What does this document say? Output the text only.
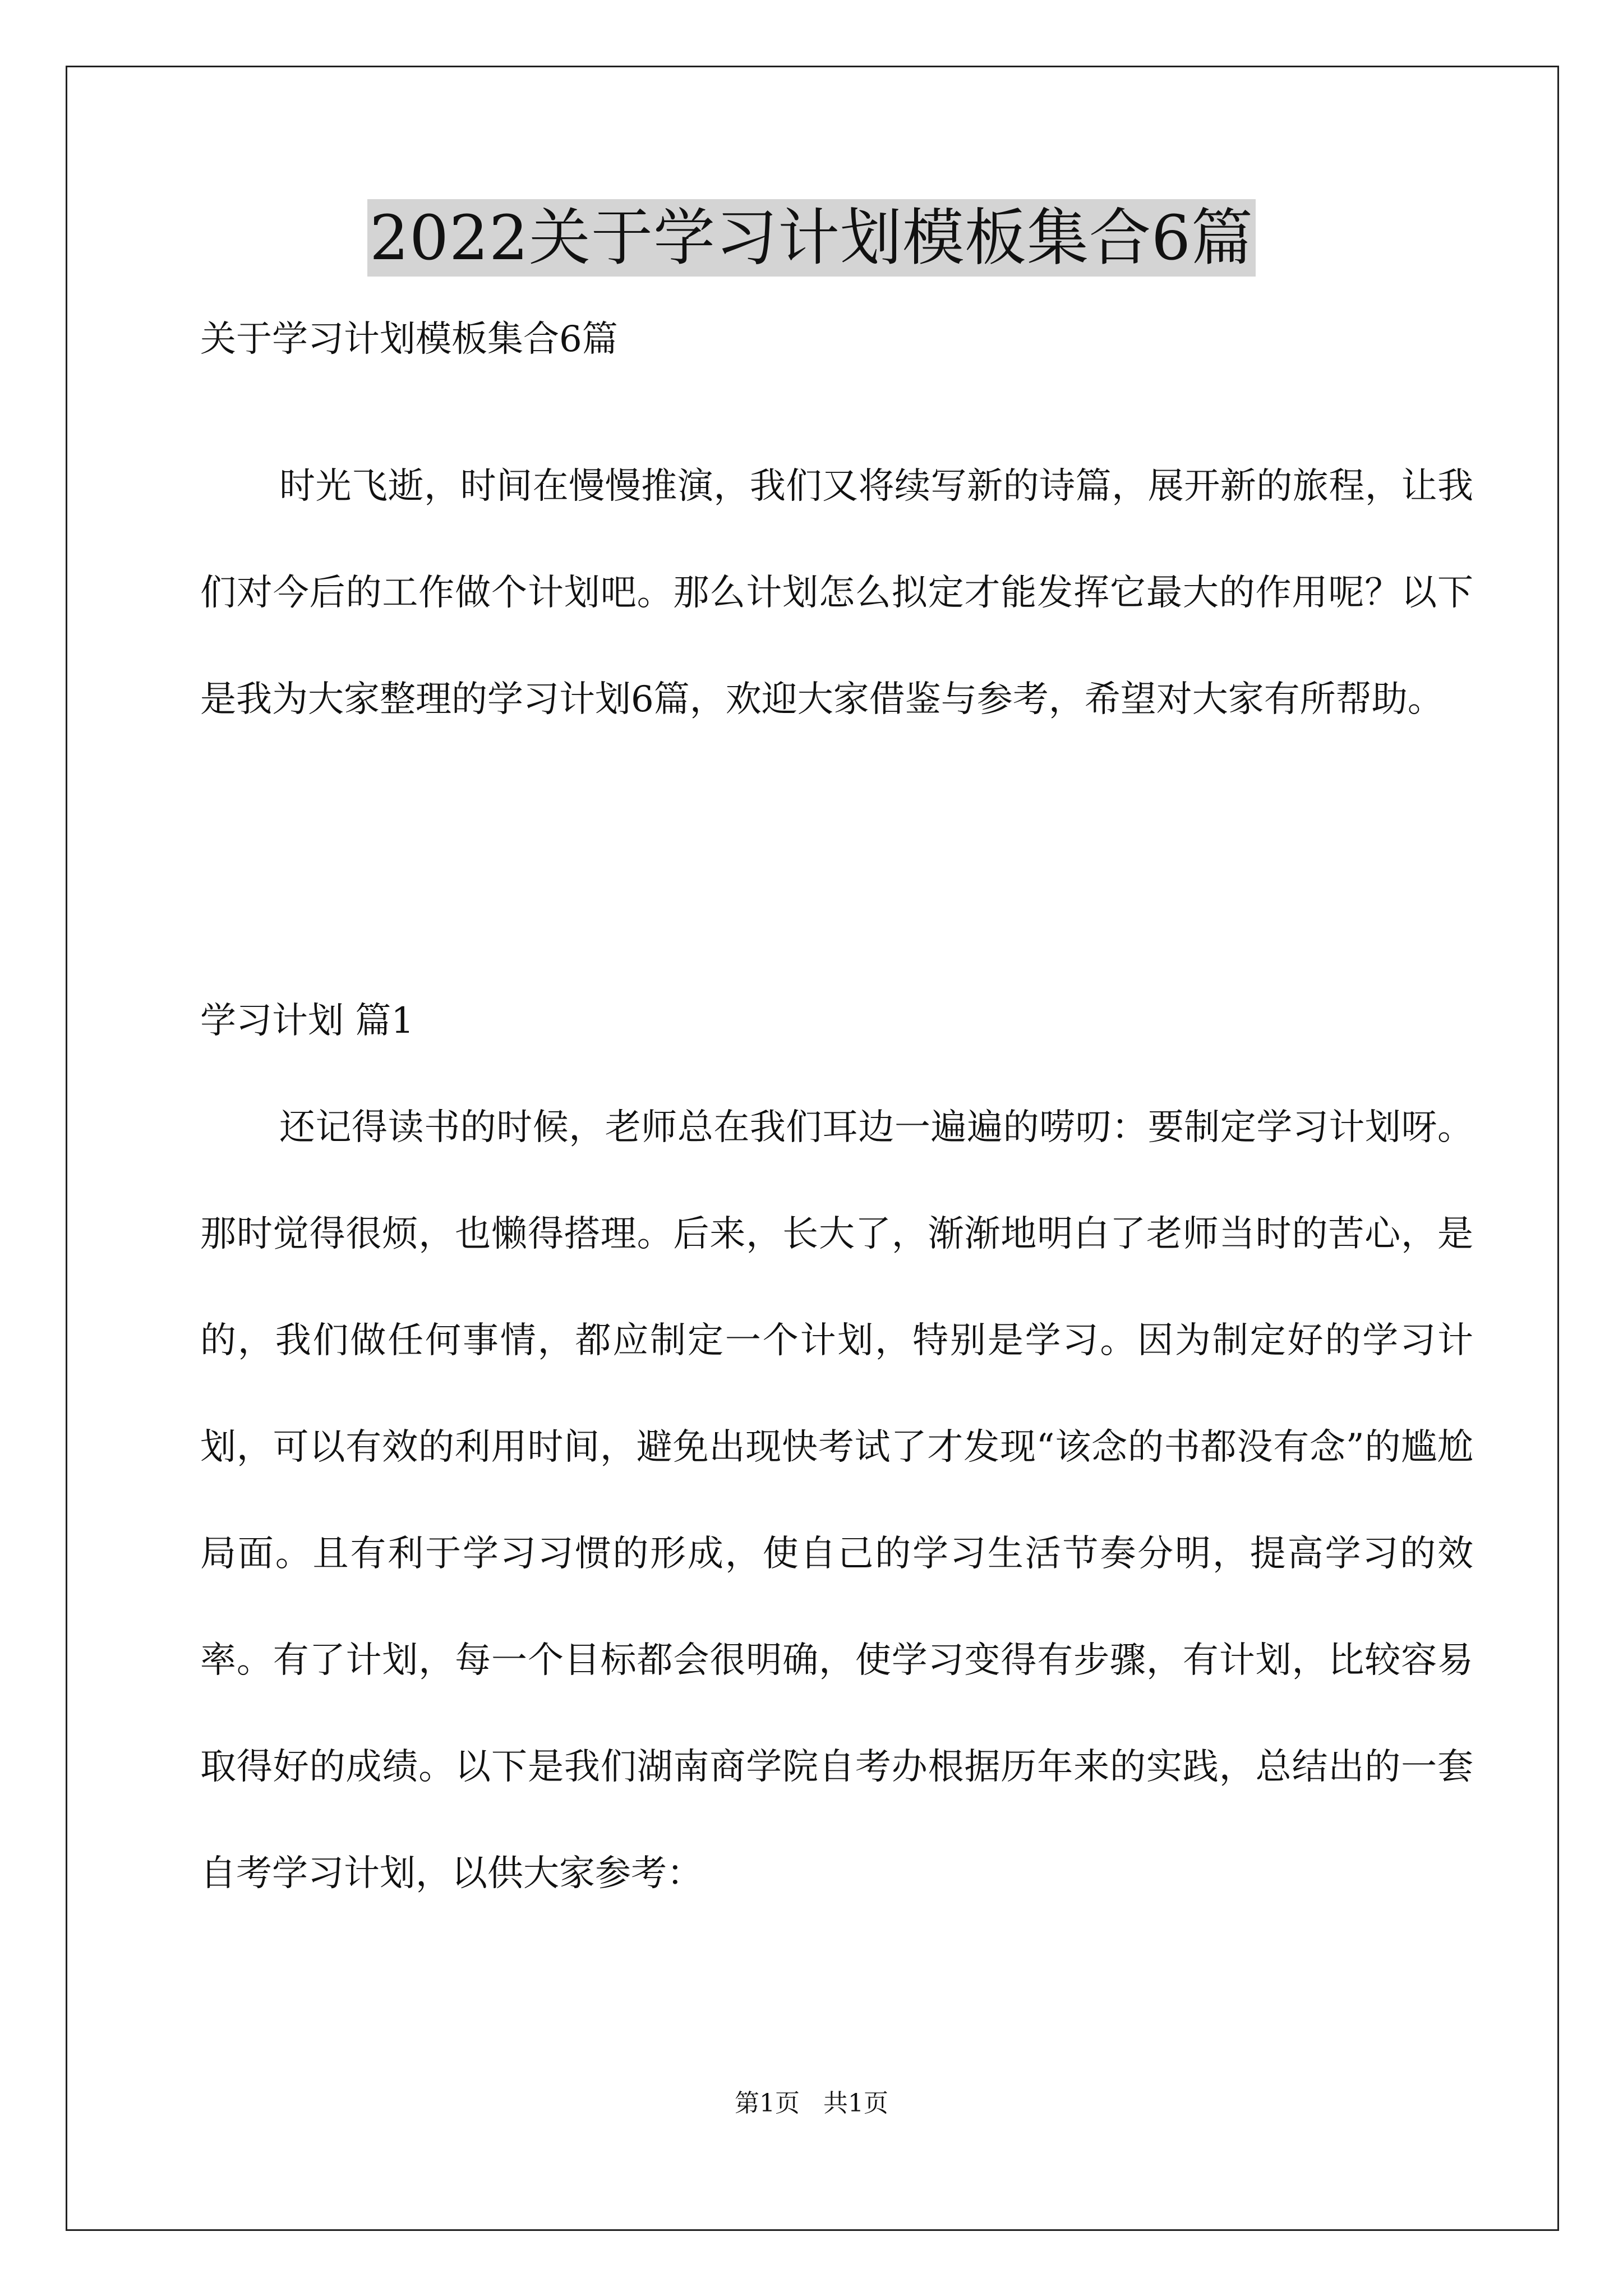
2022关于学习计划模板集合6篇
关于学习计划模板集合6篇

时光飞逝，时间在慢慢推演，我们又将续写新的诗篇，展开新的旅程，让我们对今后的工作做个计划吧。那么计划怎么拟定才能发挥它最大的作用呢？以下是我为大家整理的学习计划6篇，欢迎大家借鉴与参考，希望对大家有所帮助。

学习计划 篇1

还记得读书的时候，老师总在我们耳边一遍遍的唠叨：要制定学习计划呀。那时觉得很烦，也懒得搭理。后来，长大了，渐渐地明白了老师当时的苦心，是的，我们做任何事情，都应制定一个计划，特别是学习。因为制定好的学习计划，可以有效的利用时间，避免出现快考试了才发现“该念的书都没有念”的尴尬局面。且有利于学习习惯的形成，使自己的学习生活节奏分明，提高学习的效率。有了计划，每一个目标都会很明确，使学习变得有步骤，有计划，比较容易取得好的成绩。以下是我们湖南商学院自考办根据历年来的实践，总结出的一套自考学习计划，以供大家参考：

第1页   共1页
